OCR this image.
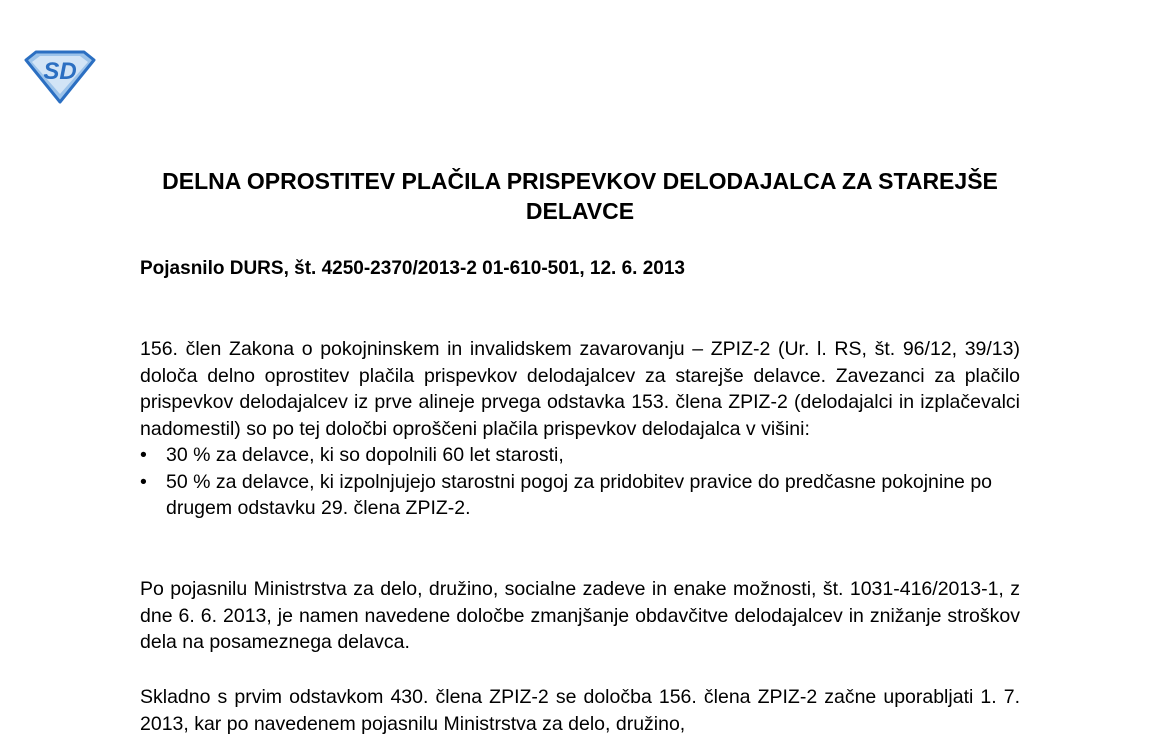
SD
DELNA OPROSTITEV PLAČILA PRISPEVKOV DELODAJALCA ZA STAREJŠE DELAVCE

Pojasnilo DURS, št. 4250-2370/2013-2 01-610-501, 12. 6. 2013

156. člen Zakona o pokojninskem in invalidskem zavarovanju – ZPIZ-2 (Ur. l. RS, št. 96/12, 39/13) določa delno oprostitev plačila prispevkov delodajalcev za starejše delavce. Zavezanci za plačilo prispevkov delodajalcev iz prve alineje prvega odstavka 153. člena ZPIZ-2 (delodajalci in izplačevalci nadomestil) so po tej določbi oproščeni plačila prispevkov delodajalca v višini:

• 30 % za delavce, ki so dopolnili 60 let starosti,
• 50 % za delavce, ki izpolnjujejo starostni pogoj za pridobitev pravice do predčasne pokojnine po drugem odstavku 29. člena ZPIZ-2.

Po pojasnilu Ministrstva za delo, družino, socialne zadeve in enake možnosti, št. 1031-416/2013-1, z dne 6. 6. 2013, je namen navedene določbe zmanjšanje obdavčitve delodajalcev in znižanje stroškov dela na posameznega delavca.

Skladno s prvim odstavkom 430. člena ZPIZ-2 se določba 156. člena ZPIZ-2 začne uporabljati 1. 7. 2013, kar po navedenem pojasnilu Ministrstva za delo, družino,
